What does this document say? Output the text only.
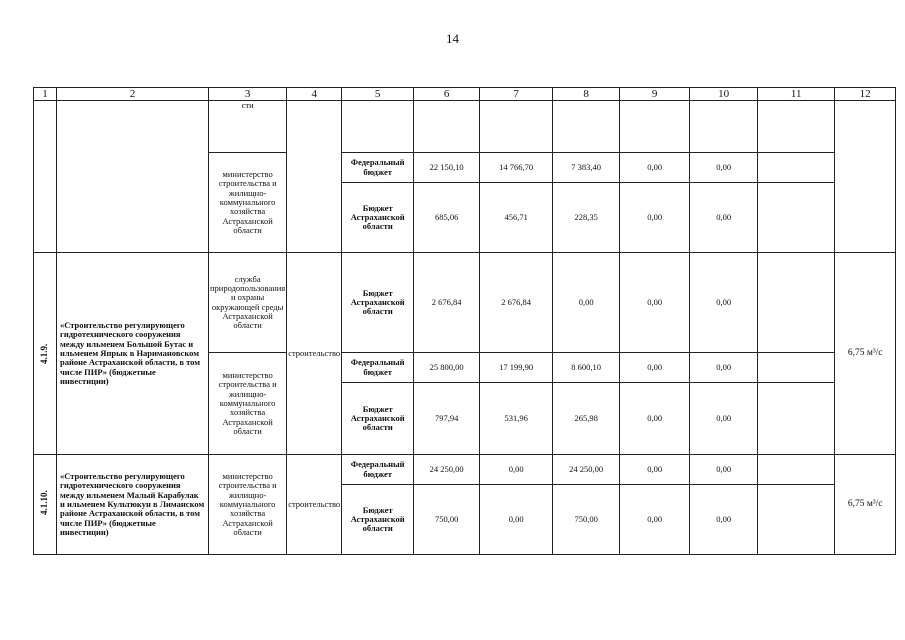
14
1	2	3	4	5	6	7	8	9	10	11	12
		сти									
		министерство строительства и жилищно-коммунального хозяйства Астраханской области		Федеральный бюджет	22 150,10	14 766,70	7 383,40	0,00	0,00		
				Бюджет Астраханской области	685,06	456,71	228,35	0,00	0,00		

4.1.9.	«Строительство регулирующего гидротехнического сооружения между ильменем Большой Бутас и ильменем Япрык в Наримановском районе Астраханской области, в том числе ПИР» (бюджетные инвестиции)	служба природопользования и охраны окружающей среды Астраханской области	строительство	Бюджет Астраханской области	2 676,84	2 676,84	0,00	0,00	0,00		6,75 м³/с
		министерство строительства и жилищно-коммунального хозяйства Астраханской области		Федеральный бюджет	25 800,00	17 199,90	8 600,10	0,00	0,00		
				Бюджет Астраханской области	797,94	531,96	265,98	0,00	0,00		

4.1.10.	«Строительство регулирующего гидротехнического сооружения между ильменем Малый Карабулак и ильменем Культюкун в Лиманском районе Астраханской области, в том числе ПИР» (бюджетные инвестиции)	министерство строительства и жилищно-коммунального хозяйства Астраханской области	строительство	Федеральный бюджет	24 250,00	0,00	24 250,00	0,00	0,00		6,75 м³/с
				Бюджет Астраханской области	750,00	0,00	750,00	0,00	0,00		
